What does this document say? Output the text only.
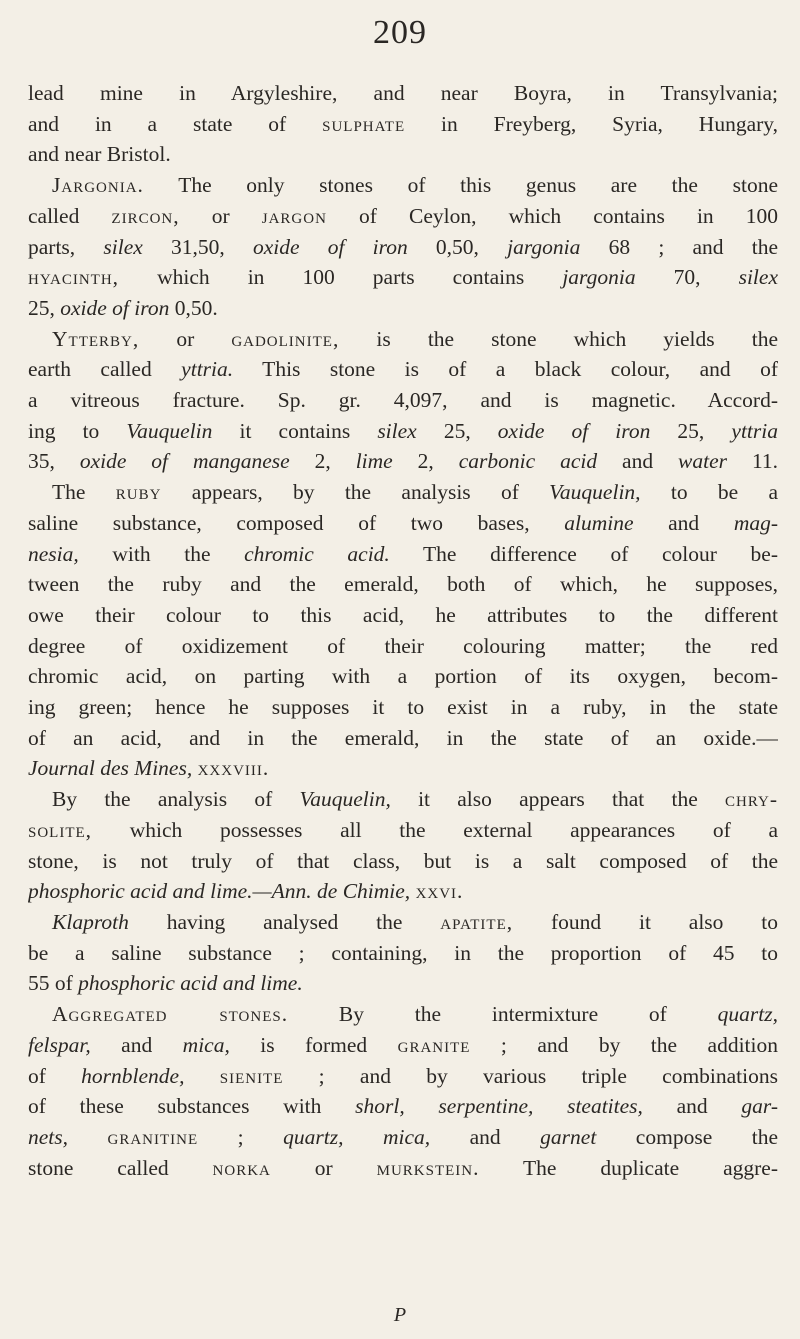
209
lead mine in Argyleshire, and near Boyra, in Transylvania;
and in a state of sulphate in Freyberg, Syria, Hungary,
and near Bristol.
Jargonia. The only stones of this genus are the stone
called zircon, or jargon of Ceylon, which contains in 100
parts, silex 31,50, oxide of iron 0,50, jargonia 68 ; and the
hyacinth, which in 100 parts contains jargonia 70, silex
25, oxide of iron 0,50.
Ytterby, or gadolinite, is the stone which yields the
earth called yttria. This stone is of a black colour, and of
a vitreous fracture. Sp. gr. 4,097, and is magnetic. Accord-
ing to Vauquelin it contains silex 25, oxide of iron 25, yttria
35, oxide of manganese 2, lime 2, carbonic acid and water 11.
The ruby appears, by the analysis of Vauquelin, to be a
saline substance, composed of two bases, alumine and mag-
nesia, with the chromic acid. The difference of colour be-
tween the ruby and the emerald, both of which, he supposes,
owe their colour to this acid, he attributes to the different
degree of oxidizement of their colouring matter; the red
chromic acid, on parting with a portion of its oxygen, becom-
ing green; hence he supposes it to exist in a ruby, in the state
of an acid, and in the emerald, in the state of an oxide.—
Journal des Mines, xxxviii.
By the analysis of Vauquelin, it also appears that the chry-
solite, which possesses all the external appearances of a
stone, is not truly of that class, but is a salt composed of the
phosphoric acid and lime.—Ann. de Chimie, xxvi.
Klaproth having analysed the apatite, found it also to
be a saline substance ; containing, in the proportion of 45 to
55 of phosphoric acid and lime.
Aggregated stones. By the intermixture of quartz,
felspar, and mica, is formed granite ; and by the addition
of hornblende, sienite ; and by various triple combinations
of these substances with shorl, serpentine, steatites, and gar-
nets, granitine ; quartz, mica, and garnet compose the
stone called norka or murkstein. The duplicate aggre-
P
